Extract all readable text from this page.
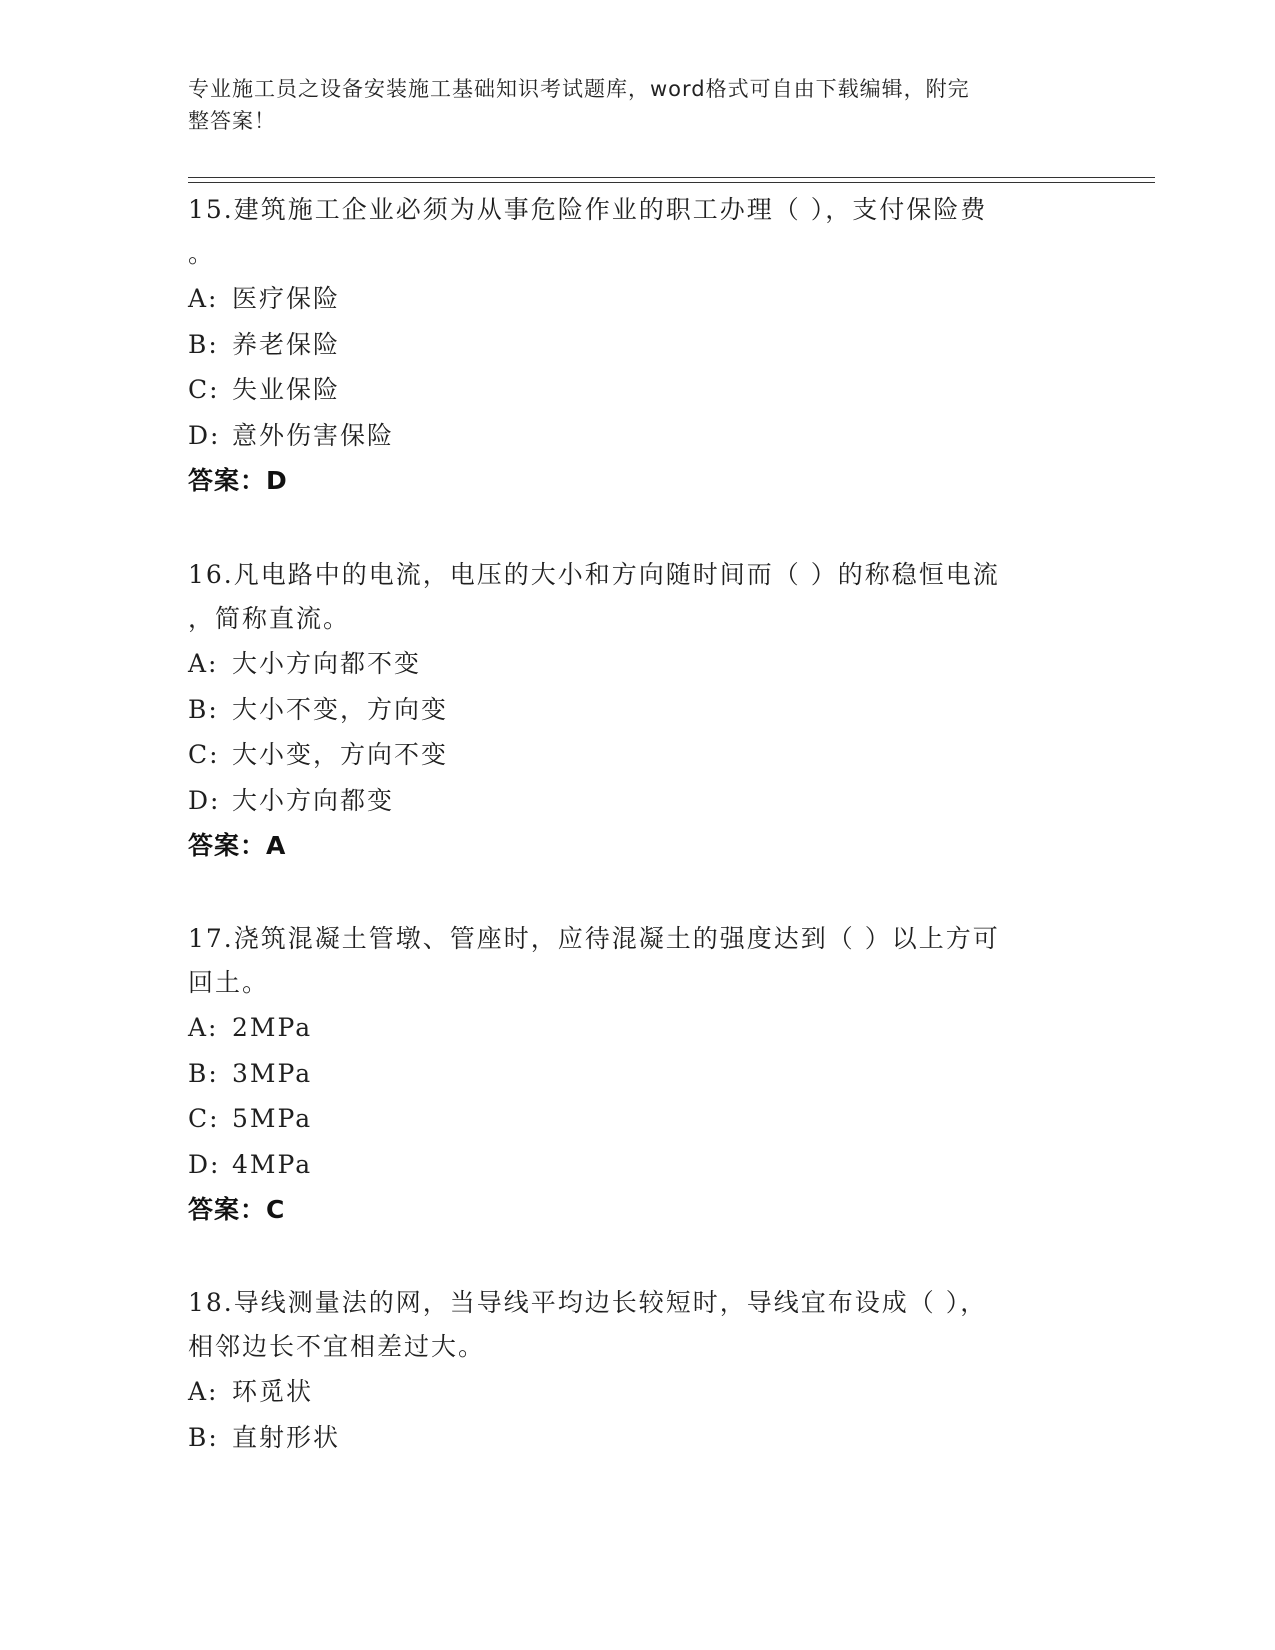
专业施工员之设备安装施工基础知识考试题库，word格式可自由下载编辑，附完
整答案！
15.建筑施工企业必须为从事危险作业的职工办理（ ），支付保险费
。
A: 医疗保险
B: 养老保险
C: 失业保险
D: 意外伤害保险
答案：D
16.凡电路中的电流，电压的大小和方向随时间而（ ）的称稳恒电流
，简称直流。
A: 大小方向都不变
B: 大小不变，方向变
C: 大小变，方向不变
D: 大小方向都变
答案：A
17.浇筑混凝土管墩、管座时，应待混凝土的强度达到（ ）以上方可
回土。
A: 2MPa
B: 3MPa
C: 5MPa
D: 4MPa
答案：C
18.导线测量法的网，当导线平均边长较短时，导线宜布设成（ ），
相邻边长不宜相差过大。
A: 环觅状
B: 直射形状
